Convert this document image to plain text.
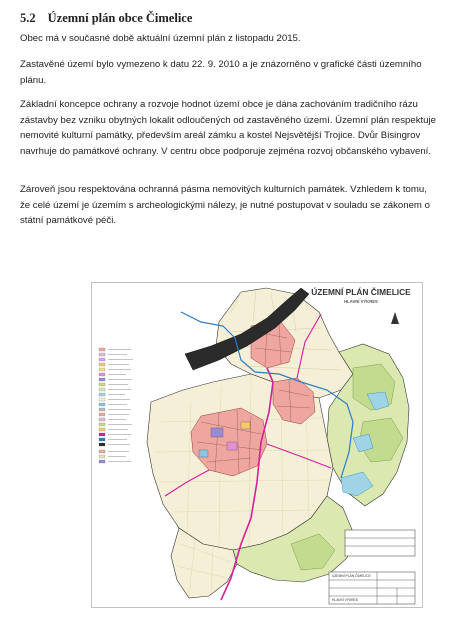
5.2 Územní plán obce Čimelice
Obec má v současné době aktuální územní plán z listopadu 2015.
Zastavěné území bylo vymezeno k datu 22. 9. 2010 a je znázorněno v grafické části územního plánu.
Základní koncepce ochrany a rozvoje hodnot území obce je dána zachováním tradičního rázu zástavby bez vzniku obytných lokalit odloučených od zastavěného území. Územní plán respektuje nemovité kulturní památky, především areál zámku a kostel Nejsvětější Trojice. Dvůr Bisingrov navrhuje do památkové ochrany. V centru obce podporuje zejména rozvoj občanského vybavení.
Zároveň jsou respektována ochranná pásma nemovitých kulturních památek. Vzhledem k tomu, že celé území je územím s archeologickými nálezy, je nutné postupovat v souladu se zákonem o státní památkové péči.
ÚZEMNÍ PLÁN ČIMELICE
HLAVNÍ VÝKRES
ÚZEMNÍ PLÁN ČIMELICE
HLAVNÍ VÝKRES
